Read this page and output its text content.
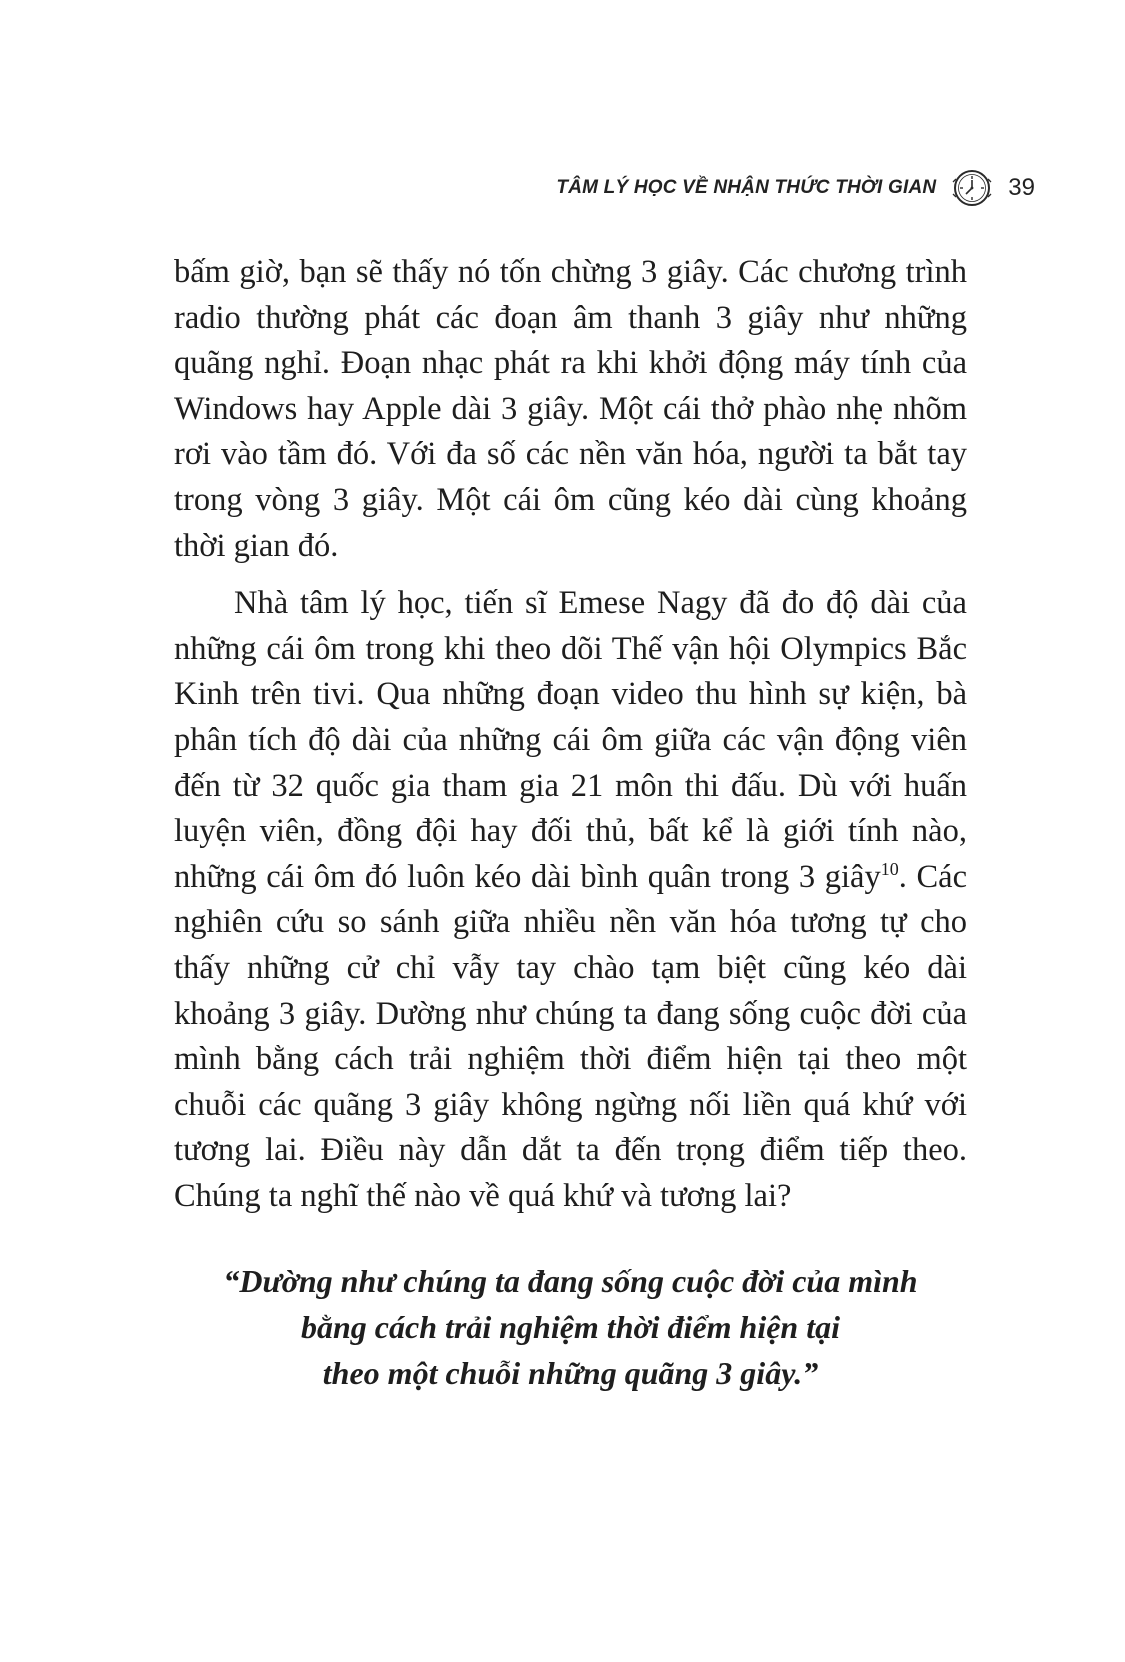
TÂM LÝ HỌC VỀ NHẬN THỨC THỜI GIAN	39

bấm giờ, bạn sẽ thấy nó tốn chừng 3 giây. Các chương trình radio thường phát các đoạn âm thanh 3 giây như những quãng nghỉ. Đoạn nhạc phát ra khi khởi động máy tính của Windows hay Apple dài 3 giây. Một cái thở phào nhẹ nhõm rơi vào tầm đó. Với đa số các nền văn hóa, người ta bắt tay trong vòng 3 giây. Một cái ôm cũng kéo dài cùng khoảng thời gian đó.

Nhà tâm lý học, tiến sĩ Emese Nagy đã đo độ dài của những cái ôm trong khi theo dõi Thế vận hội Olympics Bắc Kinh trên tivi. Qua những đoạn video thu hình sự kiện, bà phân tích độ dài của những cái ôm giữa các vận động viên đến từ 32 quốc gia tham gia 21 môn thi đấu. Dù với huấn luyện viên, đồng đội hay đối thủ, bất kể là giới tính nào, những cái ôm đó luôn kéo dài bình quân trong 3 giây$^{10}$. Các nghiên cứu so sánh giữa nhiều nền văn hóa tương tự cho thấy những cử chỉ vẫy tay chào tạm biệt cũng kéo dài khoảng 3 giây. Dường như chúng ta đang sống cuộc đời của mình bằng cách trải nghiệm thời điểm hiện tại theo một chuỗi các quãng 3 giây không ngừng nối liền quá khứ với tương lai. Điều này dẫn dắt ta đến trọng điểm tiếp theo. Chúng ta nghĩ thế nào về quá khứ và tương lai?

“Dường như chúng ta đang sống cuộc đời của mình
bằng cách trải nghiệm thời điểm hiện tại
theo một chuỗi những quãng 3 giây.”
